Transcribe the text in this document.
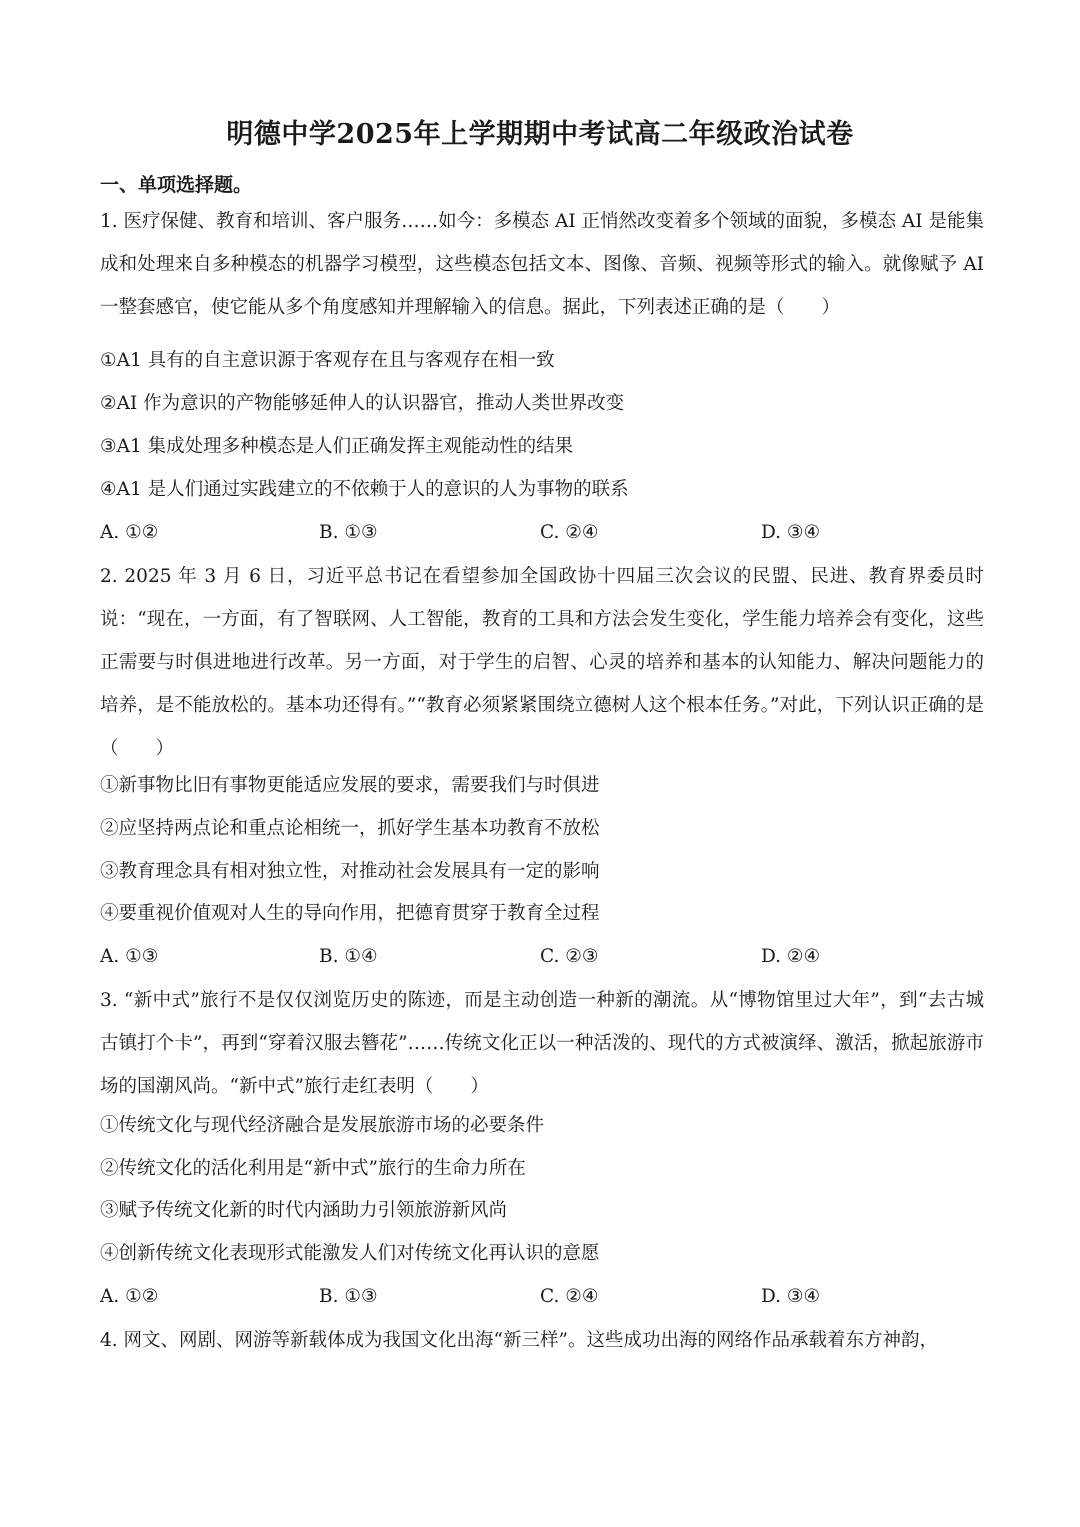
明德中学2025年上学期期中考试高二年级政治试卷
一、单项选择题。
1. 医疗保健、教育和培训、客户服务……如今：多模态 AI 正悄然改变着多个领域的面貌，多模态 AI 是能集成和处理来自多种模态的机器学习模型，这些模态包括文本、图像、音频、视频等形式的输入。就像赋予 AI一整套感官，使它能从多个角度感知并理解输入的信息。据此，下列表述正确的是（　　）
①A1 具有的自主意识源于客观存在且与客观存在相一致
②AI 作为意识的产物能够延伸人的认识器官，推动人类世界改变
③A1 集成处理多种模态是人们正确发挥主观能动性的结果
④A1 是人们通过实践建立的不依赖于人的意识的人为事物的联系
A. ①②	B. ①③	C. ②④	D. ③④
2. 2025 年 3 月 6 日，习近平总书记在看望参加全国政协十四届三次会议的民盟、民进、教育界委员时说：“现在，一方面，有了智联网、人工智能，教育的工具和方法会发生变化，学生能力培养会有变化，这些正需要与时俱进地进行改革。另一方面，对于学生的启智、心灵的培养和基本的认知能力、解决问题能力的培养，是不能放松的。基本功还得有。”“教育必须紧紧围绕立德树人这个根本任务。”对此，下列认识正确的是（　　）
①新事物比旧有事物更能适应发展的要求，需要我们与时俱进
②应坚持两点论和重点论相统一，抓好学生基本功教育不放松
③教育理念具有相对独立性，对推动社会发展具有一定的影响
④要重视价值观对人生的导向作用，把德育贯穿于教育全过程
A. ①③	B. ①④	C. ②③	D. ②④
3. “新中式”旅行不是仅仅浏览历史的陈迹，而是主动创造一种新的潮流。从“博物馆里过大年”，到“去古城古镇打个卡”，再到“穿着汉服去簪花”……传统文化正以一种活泼的、现代的方式被演绎、激活，掀起旅游市场的国潮风尚。“新中式”旅行走红表明（　　）
①传统文化与现代经济融合是发展旅游市场的必要条件
②传统文化的活化利用是“新中式”旅行的生命力所在
③赋予传统文化新的时代内涵助力引领旅游新风尚
④创新传统文化表现形式能激发人们对传统文化再认识的意愿
A. ①②	B. ①③	C. ②④	D. ③④
4. 网文、网剧、网游等新载体成为我国文化出海“新三样”。这些成功出海的网络作品承载着东方神韵，
